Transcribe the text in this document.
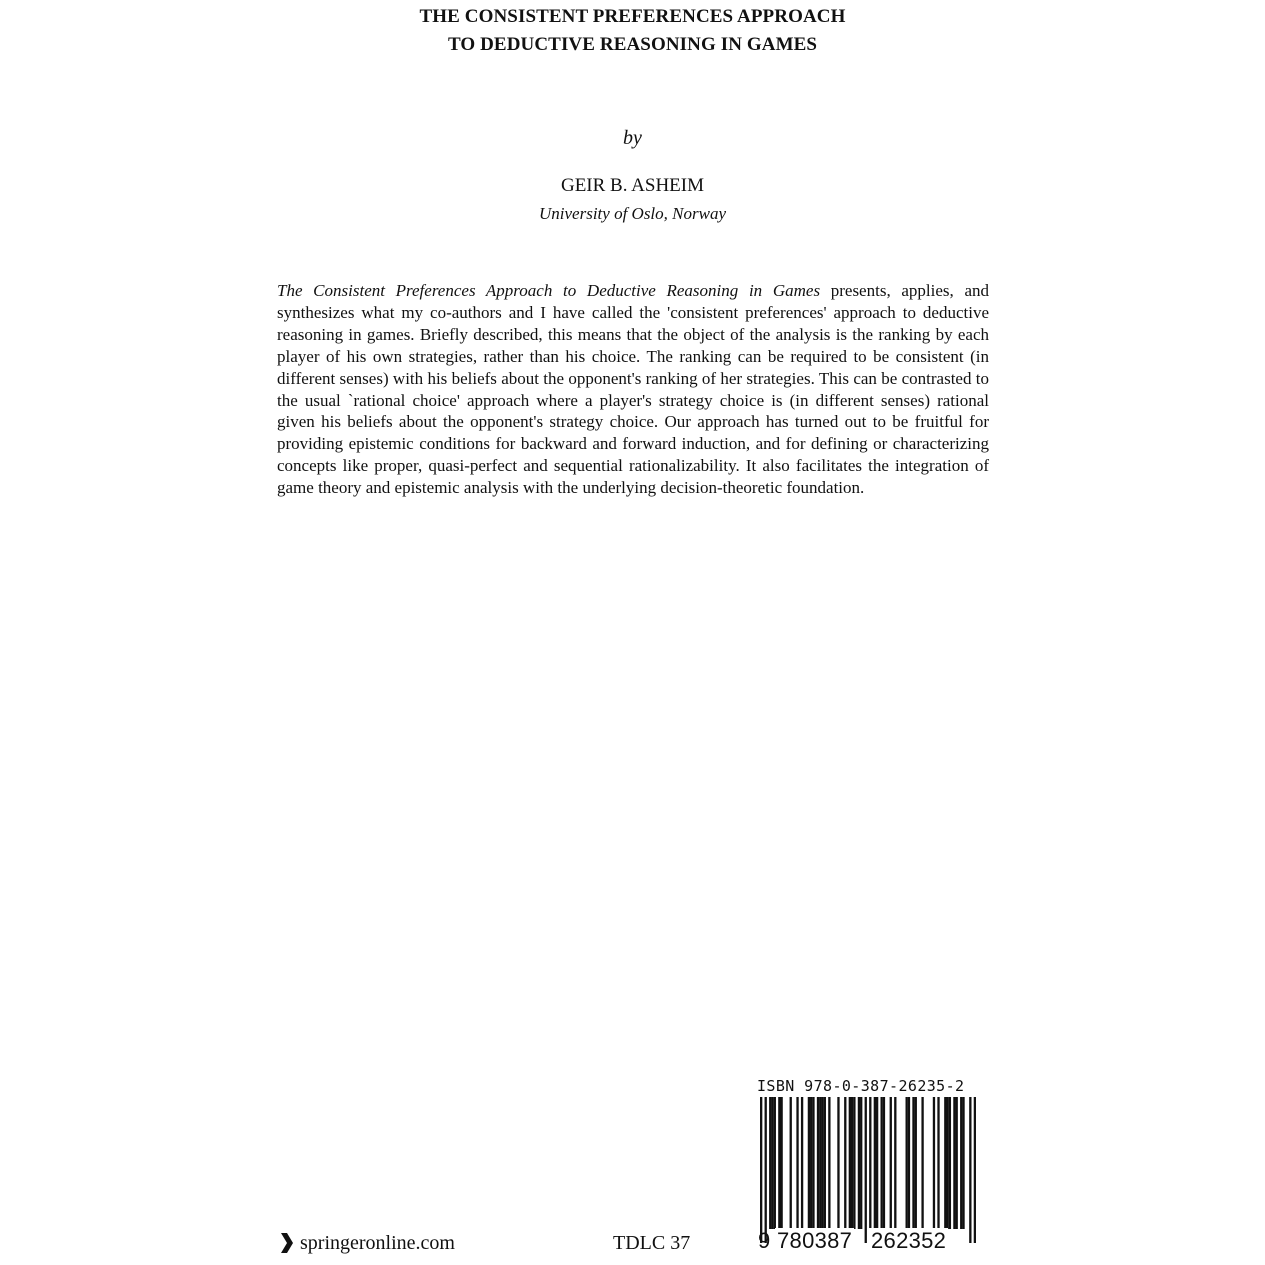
THE CONSISTENT PREFERENCES APPROACH
TO DEDUCTIVE REASONING IN GAMES
by
GEIR B. ASHEIM
University of Oslo, Norway
The Consistent Preferences Approach to Deductive Reasoning in Games presents, applies, and synthesizes what my co-authors and I have called the 'consistent preferences' approach to deductive reasoning in games. Briefly described, this means that the object of the analysis is the ranking by each player of his own strategies, rather than his choice. The ranking can be required to be consistent (in different senses) with his beliefs about the opponent's ranking of her strategies. This can be contrasted to the usual `rational choice' approach where a player's strategy choice is (in different senses) rational given his beliefs about the opponent's strategy choice. Our approach has turned out to be fruitful for providing epistemic conditions for backward and forward induction, and for defining or characterizing concepts like proper, quasi-perfect and sequential rationalizability. It also facilitates the integration of game theory and epistemic analysis with the underlying decision-theoretic foundation.
ISBN 978-0-387-26235-2
9 780387 262352
springeronline.com	TDLC 37
